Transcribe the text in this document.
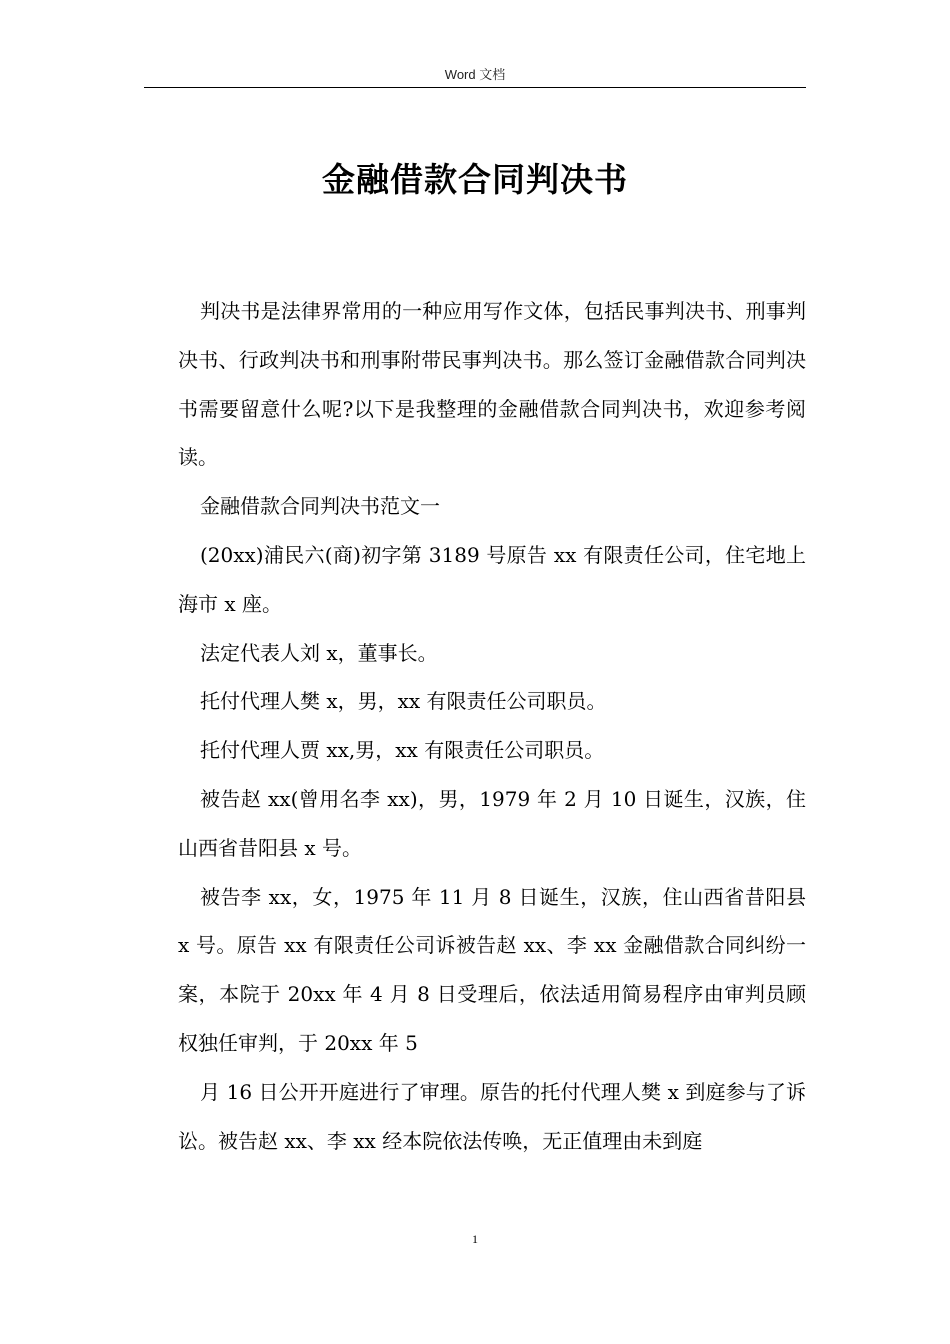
Word 文档
金融借款合同判决书

判决书是法律界常用的一种应用写作文体，包括民事判决书、刑事判决书、行政判决书和刑事附带民事判决书。那么签订金融借款合同判决书需要留意什么呢?以下是我整理的金融借款合同判决书，欢迎参考阅读。

金融借款合同判决书范文一

(20xx)浦民六(商)初字第 3189 号原告 xx 有限责任公司，住宅地上海市 x 座。

法定代表人刘 x，董事长。

托付代理人樊 x，男，xx 有限责任公司职员。

托付代理人贾 xx,男，xx 有限责任公司职员。

被告赵 xx(曾用名李 xx)，男，1979 年 2 月 10 日诞生，汉族，住山西省昔阳县 x 号。

被告李 xx，女，1975 年 11 月 8 日诞生，汉族，住山西省昔阳县 x 号。原告 xx 有限责任公司诉被告赵 xx、李 xx 金融借款合同纠纷一案，本院于 20xx 年 4 月 8 日受理后，依法适用简易程序由审判员顾权独任审判，于 20xx 年 5

月 16 日公开开庭进行了审理。原告的托付代理人樊 x 到庭参与了诉讼。被告赵 xx、李 xx 经本院依法传唤，无正值理由未到庭

1
